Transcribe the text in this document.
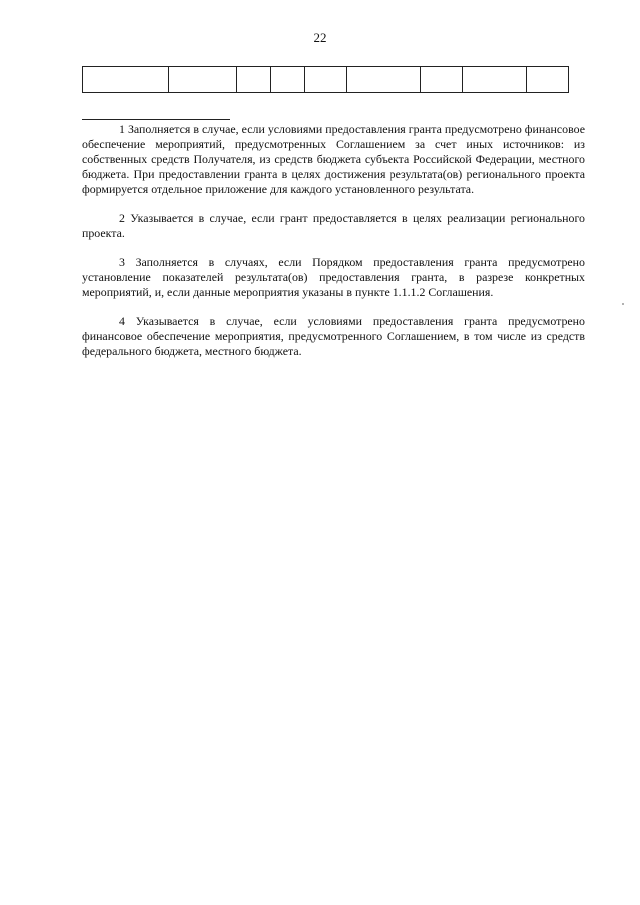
22

1 Заполняется в случае, если условиями предоставления гранта предусмотрено финансовое обеспечение мероприятий, предусмотренных Соглашением за счет иных источников: из собственных средств Получателя, из средств бюджета субъекта Российской Федерации, местного бюджета. При предоставлении гранта в целях достижения результата(ов) регионального проекта формируется отдельное приложение для каждого установленного результата.

2 Указывается в случае, если грант предоставляется в целях реализации регионального проекта.

3 Заполняется в случаях, если Порядком предоставления гранта предусмотрено установление показателей результата(ов) предоставления гранта, в разрезе конкретных мероприятий, и, если данные мероприятия указаны в пункте 1.1.1.2 Соглашения.

4 Указывается в случае, если условиями предоставления гранта предусмотрено финансовое обеспечение мероприятия, предусмотренного Соглашением, в том числе из средств федерального бюджета, местного бюджета.
